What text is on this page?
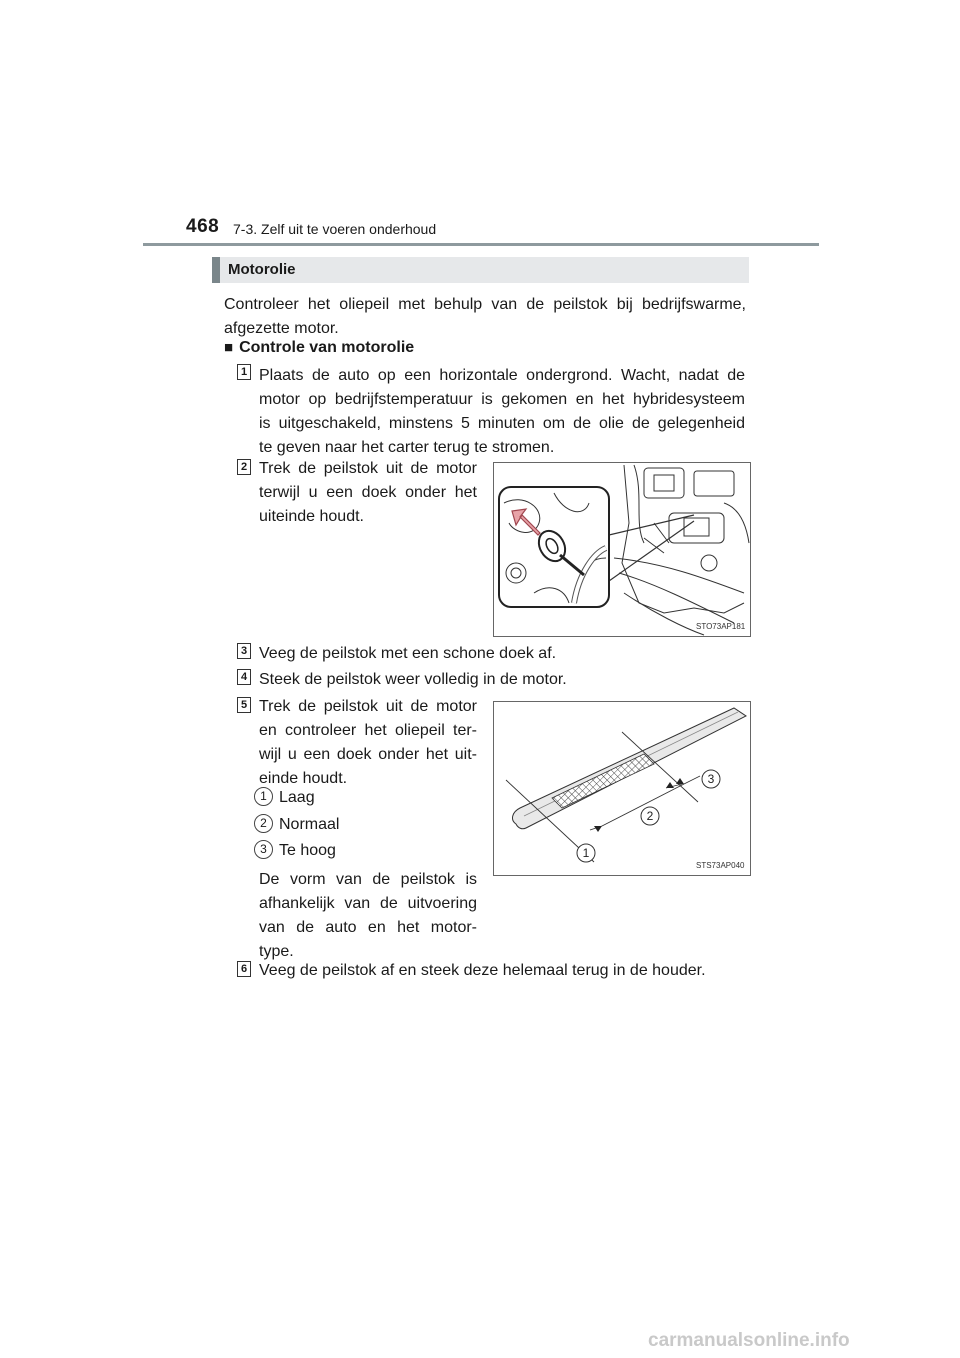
468 7-3. Zelf uit te voeren onderhoud
Motorolie
Controleer het oliepeil met behulp van de peilstok bij bedrijfswarme,
afgezette motor.
■ Controle van motorolie
1 Plaats de auto op een horizontale ondergrond. Wacht, nadat de
motor op bedrijfstemperatuur is gekomen en het hybridesysteem
is uitgeschakeld, minstens 5 minuten om de olie de gelegenheid
te geven naar het carter terug te stromen.
2 Trek de peilstok uit de motor
terwijl u een doek onder het
uiteinde houdt.
STO73AP181
3 Veeg de peilstok met een schone doek af.
4 Steek de peilstok weer volledig in de motor.
5 Trek de peilstok uit de motor
en controleer het oliepeil ter-
wijl u een doek onder het uit-
einde houdt.
1 Laag
2 Normaal
3 Te hoog
De vorm van de peilstok is
afhankelijk van de uitvoering
van de auto en het motor-
type.
1
2
3
STS73AP040
6 Veeg de peilstok af en steek deze helemaal terug in de houder.
carmanualsonline.info
